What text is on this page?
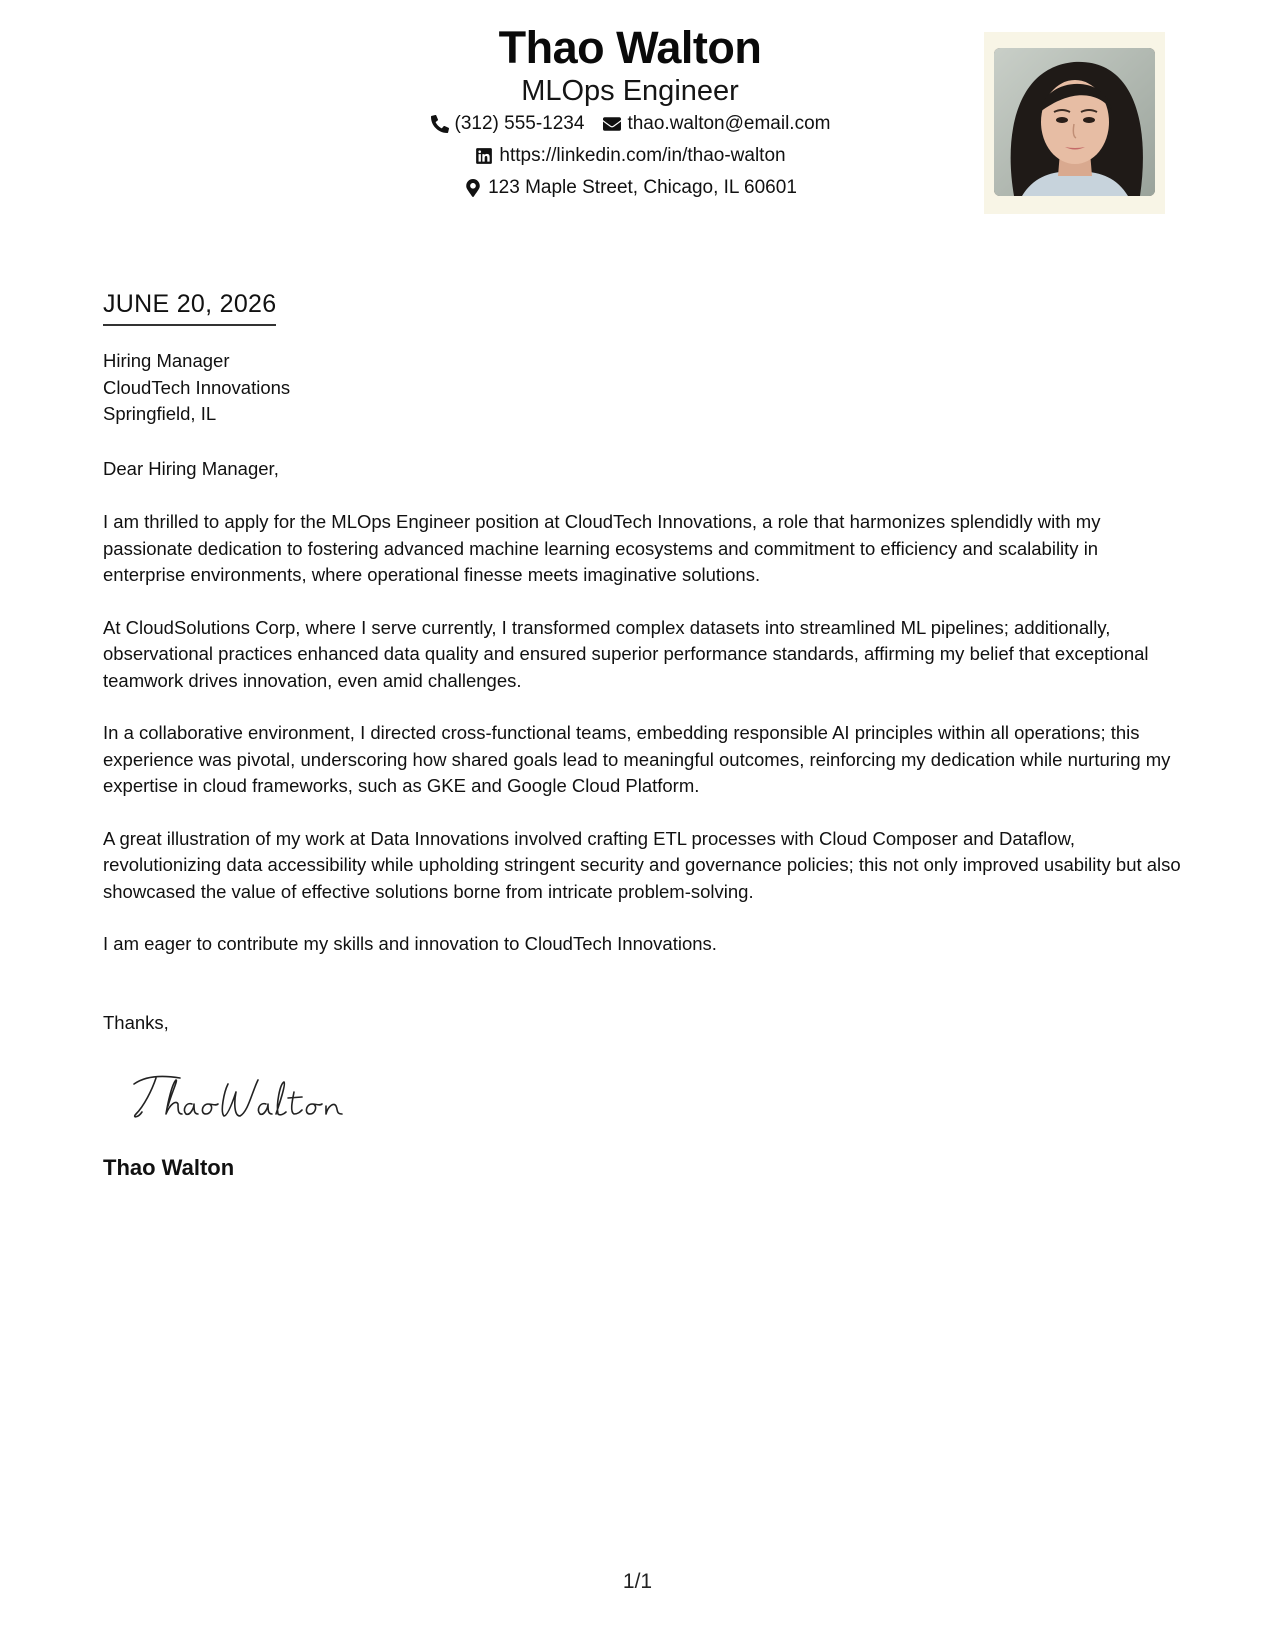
Thao Walton
MLOps Engineer
(312) 555-1234 thao.walton@email.com
https://linkedin.com/in/thao-walton
123 Maple Street, Chicago, IL 60601
JUNE 20, 2026
Hiring Manager
CloudTech Innovations
Springfield, IL
Dear Hiring Manager,

I am thrilled to apply for the MLOps Engineer position at CloudTech Innovations, a role that harmonizes splendidly with my passionate dedication to fostering advanced machine learning ecosystems and commitment to efficiency and scalability in enterprise environments, where operational finesse meets imaginative solutions.

At CloudSolutions Corp, where I serve currently, I transformed complex datasets into streamlined ML pipelines; additionally, observational practices enhanced data quality and ensured superior performance standards, affirming my belief that exceptional teamwork drives innovation, even amid challenges.

In a collaborative environment, I directed cross-functional teams, embedding responsible AI principles within all operations; this experience was pivotal, underscoring how shared goals lead to meaningful outcomes, reinforcing my dedication while nurturing my expertise in cloud frameworks, such as GKE and Google Cloud Platform.

A great illustration of my work at Data Innovations involved crafting ETL processes with Cloud Composer and Dataflow, revolutionizing data accessibility while upholding stringent security and governance policies; this not only improved usability but also showcased the value of effective solutions borne from intricate problem-solving.

I am eager to contribute my skills and innovation to CloudTech Innovations.

Thanks,
Thao Walton
1/1
